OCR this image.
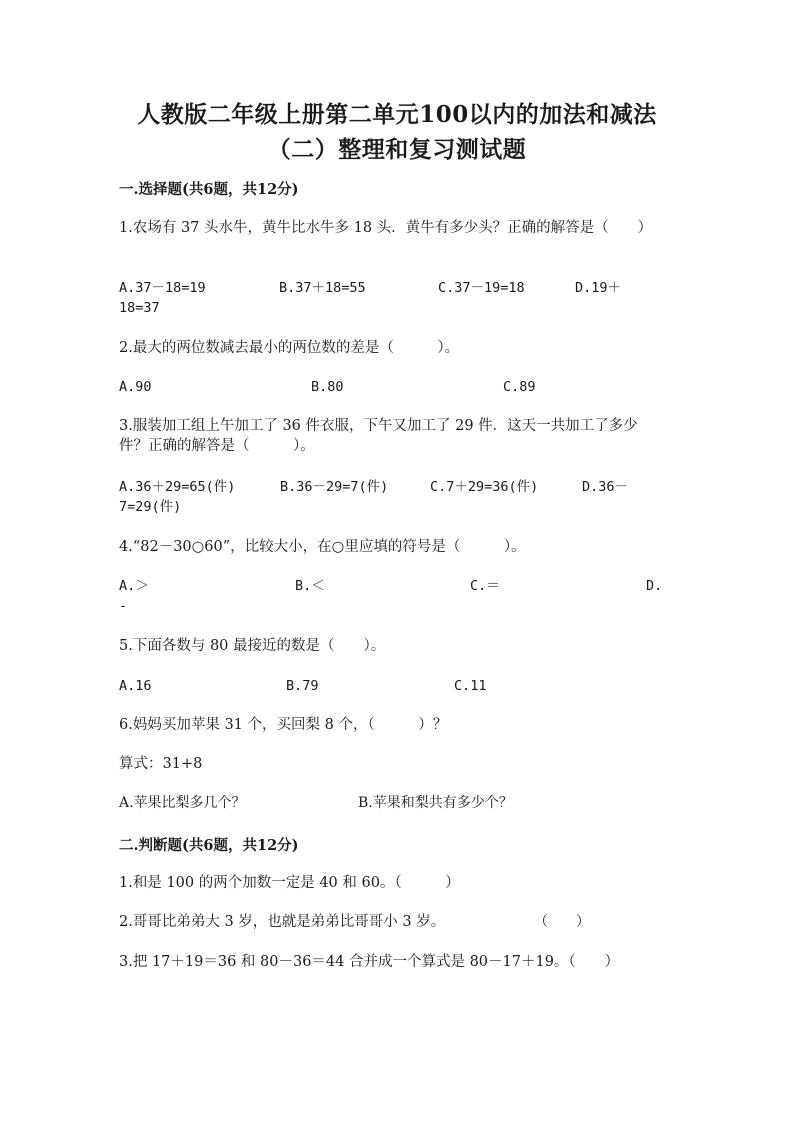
人教版二年级上册第二单元100以内的加法和减法
（二）整理和复习测试题
一.选择题(共6题，共12分)
1.农场有 37 头水牛，黄牛比水牛多 18 头．黄牛有多少头？正确的解答是（　　）
A.37－18=19	B.37＋18=55	C.37－19=18	D.19＋
18=37
2.最大的两位数减去最小的两位数的差是（　　　）。
A.90	B.80	C.89
3.服装加工组上午加工了 36 件衣服，下午又加工了 29 件．这天一共加工了多少件？正确的解答是（　　　）。
A.36＋29=65(件)	B.36－29=7(件)	C.7＋29=36(件)	D.36－
7=29(件)
4.“82－30○60”，比较大小，在○里应填的符号是（　　　）。
A.＞	B.＜	C.＝	D.
-
5.下面各数与 80 最接近的数是（　　）。
A.16	B.79	C.11
6.妈妈买加苹果 31 个，买回梨 8 个，（　　　）？
算式：31+8
A.苹果比梨多几个？	B.苹果和梨共有多少个？
二.判断题(共6题，共12分)
1.和是 100 的两个加数一定是 40 和 60。（　　　）
2.哥哥比弟弟大 3 岁，也就是弟弟比哥哥小 3 岁。	（　　）
3.把 17＋19＝36 和 80－36＝44 合并成一个算式是 80－17＋19。（　　）
